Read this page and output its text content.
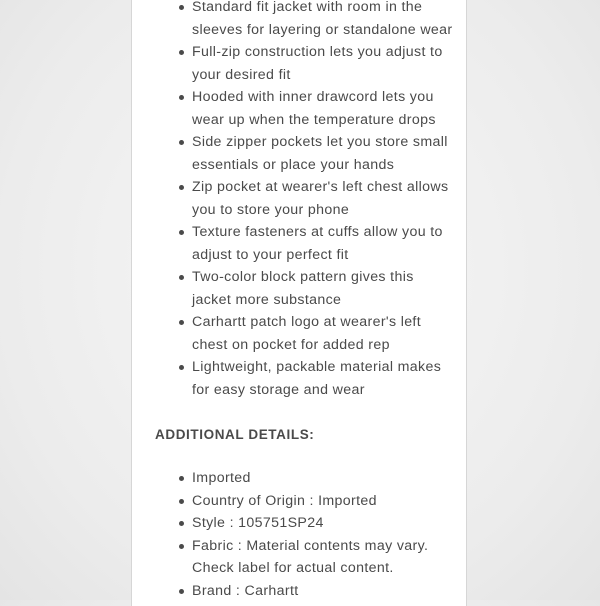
Standard fit jacket with room in the sleeves for layering or standalone wear
Full-zip construction lets you adjust to your desired fit
Hooded with inner drawcord lets you wear up when the temperature drops
Side zipper pockets let you store small essentials or place your hands
Zip pocket at wearer's left chest allows you to store your phone
Texture fasteners at cuffs allow you to adjust to your perfect fit
Two-color block pattern gives this jacket more substance
Carhartt patch logo at wearer's left chest on pocket for added rep
Lightweight, packable material makes for easy storage and wear
ADDITIONAL DETAILS:
Imported
Country of Origin : Imported
Style : 105751SP24
Fabric : Material contents may vary. Check label for actual content.
Brand : Carhartt
